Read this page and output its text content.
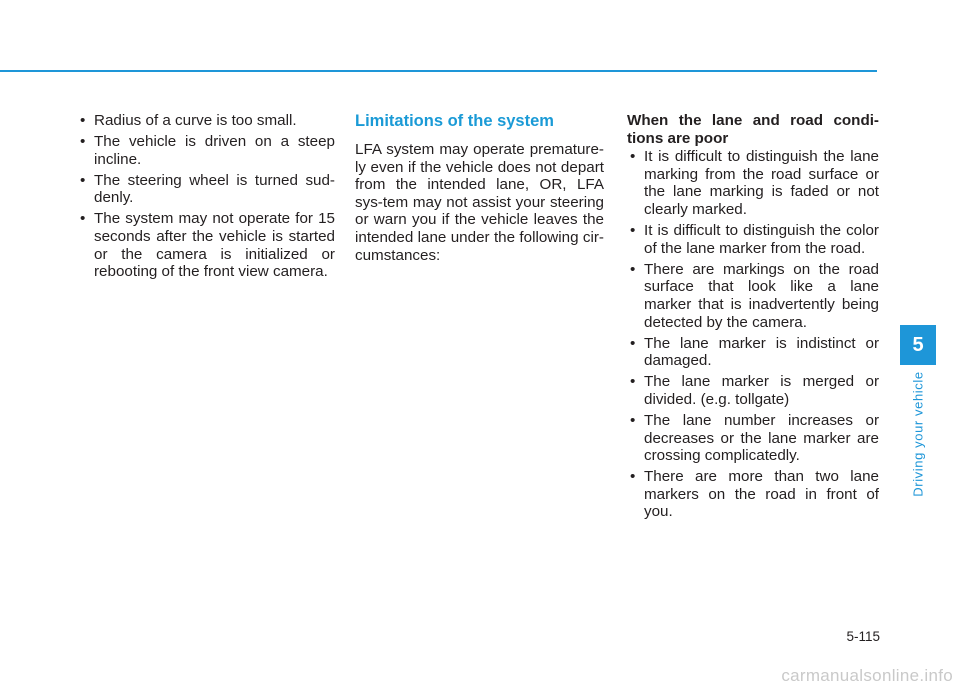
• Radius of a curve is too small.
• The vehicle is driven on a steep incline.
• The steering wheel is turned sud-denly.
• The system may not operate for 15 seconds after the vehicle is started or the camera is initialized or rebooting of the front view camera.
Limitations of the system

LFA system may operate premature-ly even if the vehicle does not depart from the intended lane, OR, LFA sys-tem may not assist your steering or warn you if the vehicle leaves the intended lane under the following cir-cumstances:

When the lane and road condi-tions are poor

• It is difficult to distinguish the lane marking from the road surface or the lane marking is faded or not clearly marked.
• It is difficult to distinguish the color of the lane marker from the road.
• There are markings on the road surface that look like a lane marker that is inadvertently being detected by the camera.
• The lane marker is indistinct or damaged.
• The lane marker is merged or divided. (e.g. tollgate)
• The lane number increases or decreases or the lane marker are crossing complicatedly.
• There are more than two lane markers on the road in front of you.
5
Driving your vehicle
5-115
carmanualsonline.info
